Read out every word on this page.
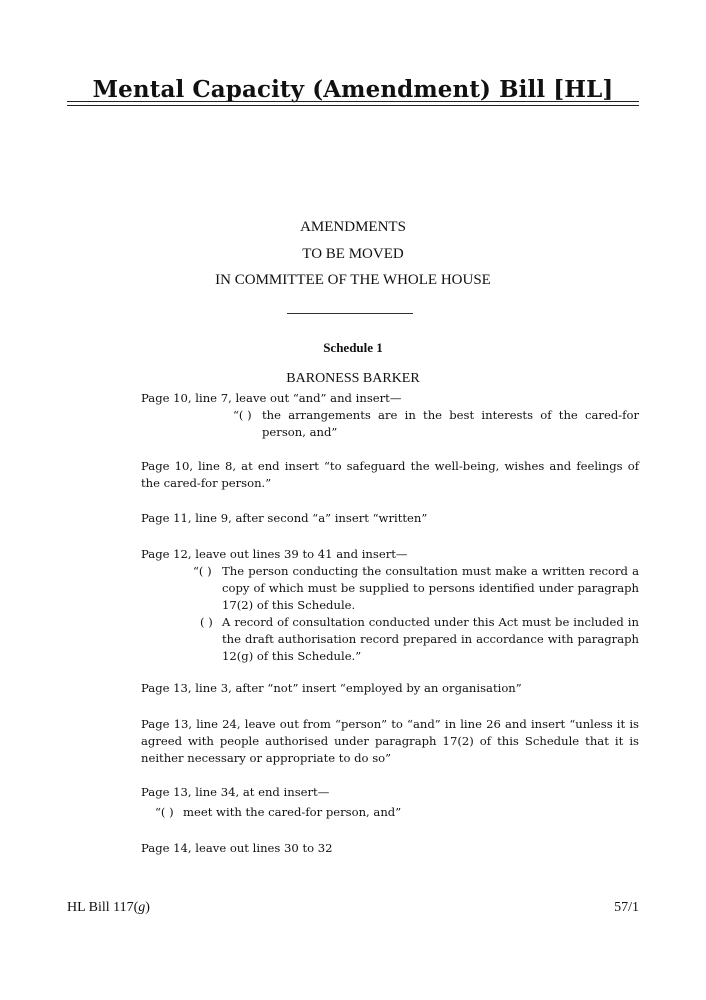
Mental Capacity (Amendment) Bill [HL]
AMENDMENTS
TO BE MOVED
IN COMMITTEE OF THE WHOLE HOUSE
Schedule 1
BARONESS BARKER
Page 10, line 7, leave out “and” and insert—
“( ) the arrangements are in the best interests of the cared-for person, and”
Page 10, line 8, at end insert “to safeguard the well-being, wishes and feelings of the cared-for person.”
Page 11, line 9, after second “a” insert “written”
Page 12, leave out lines 39 to 41 and insert—
“( ) The person conducting the consultation must make a written record a copy of which must be supplied to persons identified under paragraph 17(2) of this Schedule.
( ) A record of consultation conducted under this Act must be included in the draft authorisation record prepared in accordance with paragraph 12(g) of this Schedule.”
Page 13, line 3, after “not” insert “employed by an organisation”
Page 13, line 24, leave out from “person” to “and” in line 26 and insert “unless it is agreed with people authorised under paragraph 17(2) of this Schedule that it is neither necessary or appropriate to do so”
Page 13, line 34, at end insert—
“( ) meet with the cared-for person, and”
Page 14, leave out lines 30 to 32
HL Bill 117(g)	57/1
